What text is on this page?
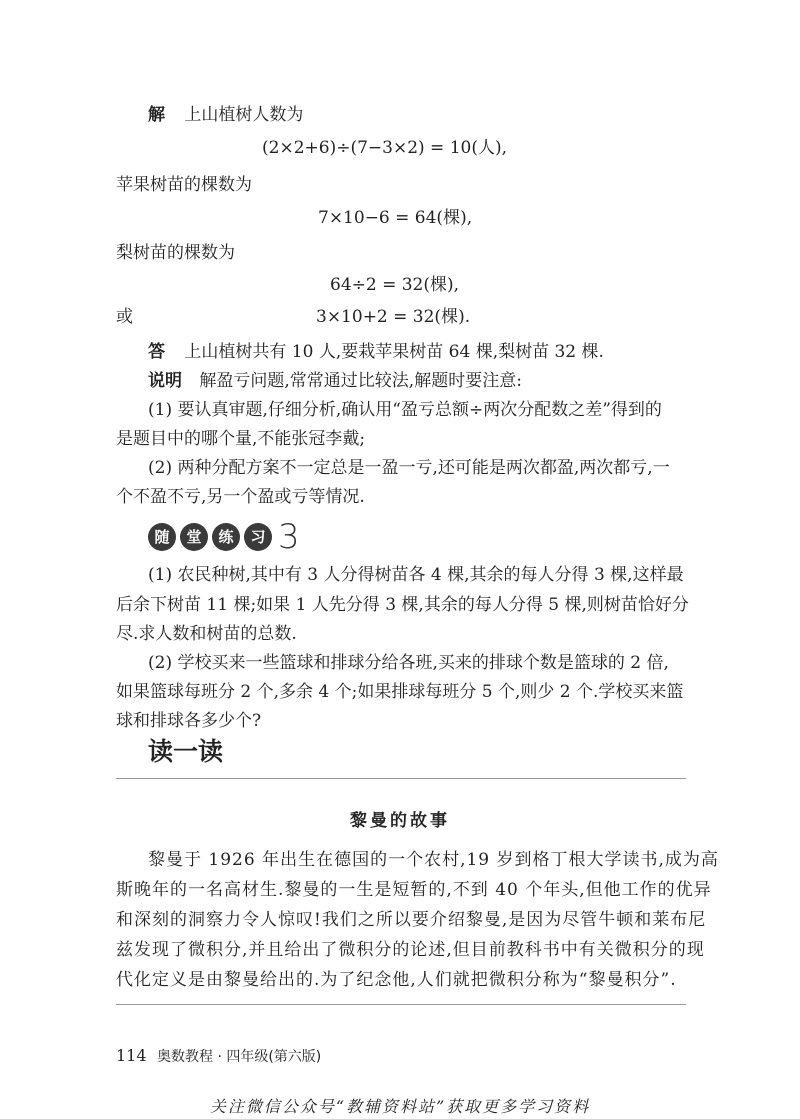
解 上山植树人数为
(2×2+6)÷(7−3×2) = 10(人),
苹果树苗的棵数为
7×10−6 = 64(棵),
梨树苗的棵数为
64÷2 = 32(棵),
或	3×10+2 = 32(棵).
答 上山植树共有 10 人,要栽苹果树苗 64 棵,梨树苗 32 棵.
说明 解盈亏问题,常常通过比较法,解题时要注意:
(1) 要认真审题,仔细分析,确认用“盈亏总额÷两次分配数之差”得到的
是题目中的哪个量,不能张冠李戴;
(2) 两种分配方案不一定总是一盈一亏,还可能是两次都盈,两次都亏,一
个不盈不亏,另一个盈或亏等情况.
随	堂	练	习 3
(1) 农民种树,其中有 3 人分得树苗各 4 棵,其余的每人分得 3 棵,这样最
后余下树苗 11 棵;如果 1 人先分得 3 棵,其余的每人分得 5 棵,则树苗恰好分
尽.求人数和树苗的总数.
(2) 学校买来一些篮球和排球分给各班,买来的排球个数是篮球的 2 倍,
如果篮球每班分 2 个,多余 4 个;如果排球每班分 5 个,则少 2 个.学校买来篮
球和排球各多少个?
读一读
黎曼的故事
黎曼于 1926 年出生在德国的一个农村,19 岁到格丁根大学读书,成为高
斯晚年的一名高材生.黎曼的一生是短暂的,不到 40 个年头,但他工作的优异
和深刻的洞察力令人惊叹!我们之所以要介绍黎曼,是因为尽管牛顿和莱布尼
兹发现了微积分,并且给出了微积分的论述,但目前教科书中有关微积分的现
代化定义是由黎曼给出的.为了纪念他,人们就把微积分称为“黎曼积分”.
114 奥数教程 · 四年级(第六版)
关注微信公众号“教辅资料站”获取更多学习资料
